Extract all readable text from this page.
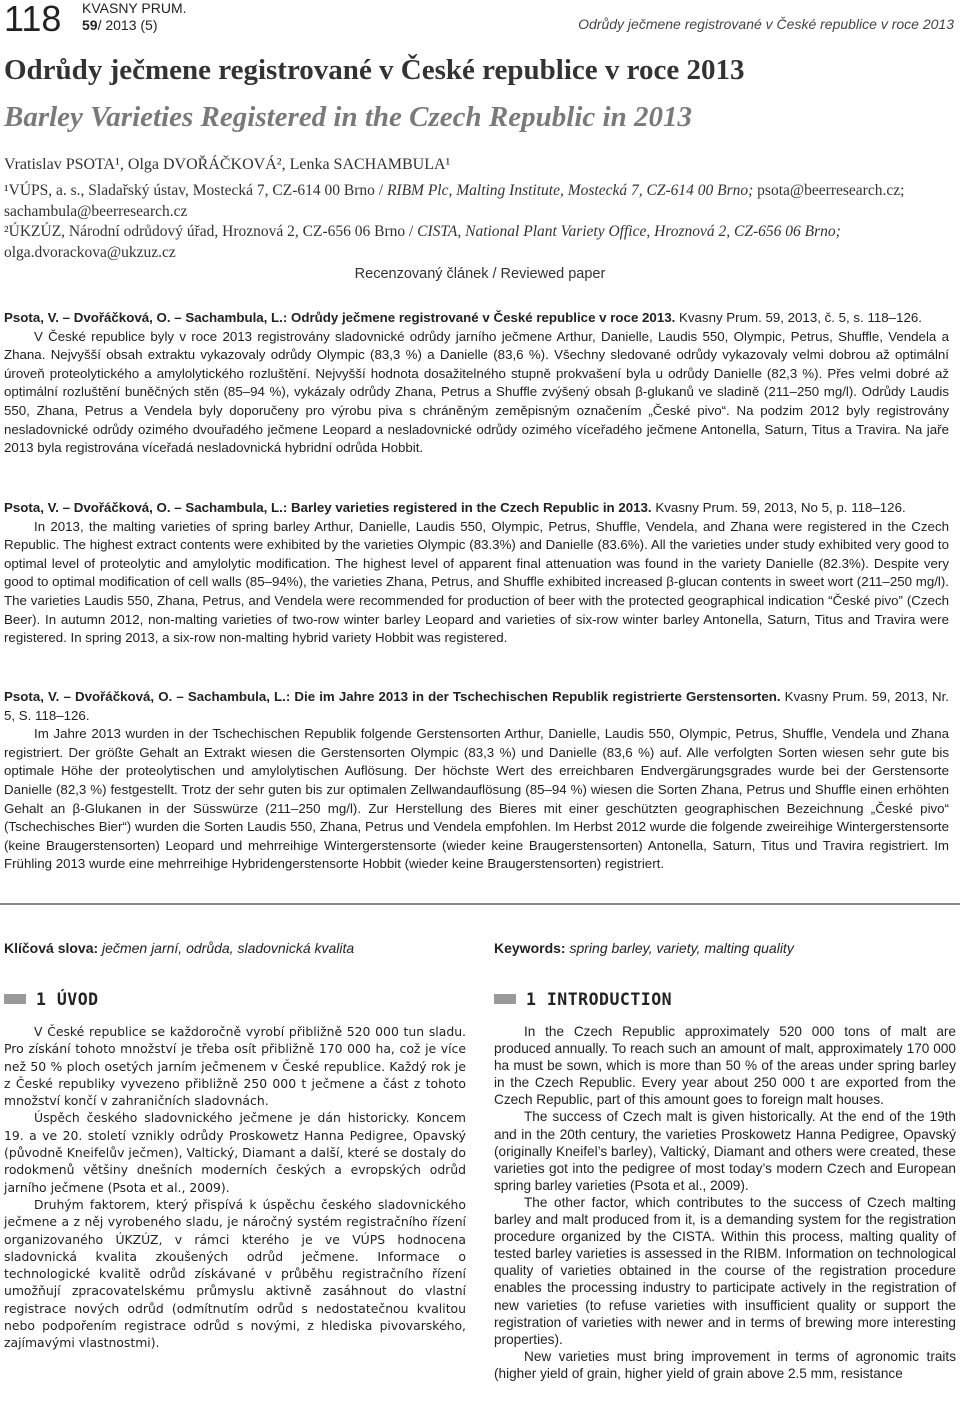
118 KVASNY PRUM.
59/ 2013 (5)	Odrůdy ječmene registrované v České republice v roce 2013
Odrůdy ječmene registrované v České republice v roce 2013
Barley Varieties Registered in the Czech Republic in 2013
Vratislav PSOTA¹, Olga DVOŘÁČKOVÁ², Lenka SACHAMBULA¹
¹VÚPS, a. s., Sladařský ústav, Mostecká 7, CZ-614 00 Brno / RIBM Plc, Malting Institute, Mostecká 7, CZ-614 00 Brno; psota@beerresearch.cz; sachambula@beerresearch.cz
²ÚKZÚZ, Národní odrůdový úřad, Hroznová 2, CZ-656 06 Brno / CISTA, National Plant Variety Office, Hroznová 2, CZ-656 06 Brno; olga.dvorackova@ukzuz.cz
Recenzovaný článek / Reviewed paper

Psota, V. – Dvořáčková, O. – Sachambula, L.: Odrůdy ječmene registrované v České republice v roce 2013. Kvasny Prum. 59, 2013, č. 5, s. 118–126.

V České republice byly v roce 2013 registrovány sladovnické odrůdy jarního ječmene Arthur, Danielle, Laudis 550, Olympic, Petrus, Shuffle, Vendela a Zhana. Nejvyšší obsah extraktu vykazovaly odrůdy Olympic (83,3 %) a Danielle (83,6 %). Všechny sledované odrůdy vykazovaly velmi dobrou až optimální úroveň proteolytického a amylolytického rozluštění. Nejvyšší hodnota dosažitelného stupně prokvašení byla u odrůdy Danielle (82,3 %). Přes velmi dobré až optimální rozluštění buněčných stěn (85–94 %), vykázaly odrůdy Zhana, Petrus a Shuffle zvýšený obsah β-glukanů ve sladině (211–250 mg/l). Odrůdy Laudis 550, Zhana, Petrus a Vendela byly doporučeny pro výrobu piva s chráněným zeměpisným označením „České pivo“. Na podzim 2012 byly registrovány nesladovnické odrůdy ozimého dvouřadého ječmene Leopard a nesladovnické odrůdy ozimého víceřadého ječmene Antonella, Saturn, Titus a Travira. Na jaře 2013 byla registrována víceřadá nesladovnická hybridní odrůda Hobbit.

Psota, V. – Dvořáčková, O. – Sachambula, L.: Barley varieties registered in the Czech Republic in 2013. Kvasny Prum. 59, 2013, No 5, p. 118–126.

In 2013, the malting varieties of spring barley Arthur, Danielle, Laudis 550, Olympic, Petrus, Shuffle, Vendela, and Zhana were registered in the Czech Republic. The highest extract contents were exhibited by the varieties Olympic (83.3%) and Danielle (83.6%). All the varieties under study exhibited very good to optimal level of proteolytic and amylolytic modification. The highest level of apparent final attenuation was found in the variety Danielle (82.3%). Despite very good to optimal modification of cell walls (85–94%), the varieties Zhana, Petrus, and Shuffle exhibited increased β-glucan contents in sweet wort (211–250 mg/l). The varieties Laudis 550, Zhana, Petrus, and Vendela were recommended for production of beer with the protected geographical indication “České pivo” (Czech Beer). In autumn 2012, non-malting varieties of two-row winter barley Leopard and varieties of six-row winter barley Antonella, Saturn, Titus and Travira were registered. In spring 2013, a six-row non-malting hybrid variety Hobbit was registered.

Psota, V. – Dvořáčková, O. – Sachambula, L.: Die im Jahre 2013 in der Tschechischen Republik registrierte Gerstensorten. Kvasny Prum. 59, 2013, Nr. 5, S. 118–126.

Im Jahre 2013 wurden in der Tschechischen Republik folgende Gerstensorten Arthur, Danielle, Laudis 550, Olympic, Petrus, Shuffle, Vendela und Zhana registriert. Der größte Gehalt an Extrakt wiesen die Gerstensorten Olympic (83,3 %) und Danielle (83,6 %) auf. Alle verfolgten Sorten wiesen sehr gute bis optimale Höhe der proteolytischen und amylolytischen Auflösung. Der höchste Wert des erreichbaren Endvergärungsgrades wurde bei der Gerstensorte Danielle (82,3 %) festgestellt. Trotz der sehr guten bis zur optimalen Zellwandauflösung (85–94 %) wiesen die Sorten Zhana, Petrus und Shuffle einen erhöhten Gehalt an β-Glukanen in der Süsswürze (211–250 mg/l). Zur Herstellung des Bieres mit einer geschützten geographischen Bezeichnung „České pivo“ (Tschechisches Bier“) wurden die Sorten Laudis 550, Zhana, Petrus und Vendela empfohlen. Im Herbst 2012 wurde die folgende zweireihige Wintergerstensorte (keine Braugerstensorten) Leopard und mehrreihige Wintergerstensorte (wieder keine Braugerstensorten) Antonella, Saturn, Titus und Travira registriert. Im Frühling 2013 wurde eine mehrreihige Hybridengerstensorte Hobbit (wieder keine Braugerstensorten) registriert.

Klíčová slova: ječmen jarní, odrůda, sladovnická kvalita	Keywords: spring barley, variety, malting quality
1 ÚVOD	1 INTRODUCTION

V České republice se každoročně vyrobí přibližně 520 000 tun sladu. Pro získání tohoto množství je třeba osít přibližně 170 000 ha, což je více než 50 % ploch osetých jarním ječmenem v České republice. Každý rok je z České republiky vyvezeno přibližně 250 000 t ječmene a část z tohoto množství končí v zahraničních sladovnách.

Úspěch českého sladovnického ječmene je dán historicky. Koncem 19. a ve 20. století vznikly odrůdy Proskowetz Hanna Pedigree, Opavský (původně Kneifelův ječmen), Valtický, Diamant a další, které se dostaly do rodokmenů většiny dnešních moderních českých a evropských odrůd jarního ječmene (Psota et al., 2009).

Druhým faktorem, který přispívá k úspěchu českého sladovnického ječmene a z něj vyrobeného sladu, je náročný systém registračního řízení organizovaného ÚKZÚZ, v rámci kterého je ve VÚPS hodnocena sladovnická kvalita zkoušených odrůd ječmene. Informace o technologické kvalitě odrůd získávané v průběhu registračního řízení umožňují zpracovatelskému průmyslu aktivně zasáhnout do vlastní registrace nových odrůd (odmítnutím odrůd s nedostatečnou kvalitou nebo podpořením registrace odrůd s novými, z hlediska pivovarského, zajímavými vlastnostmi).

In the Czech Republic approximately 520 000 tons of malt are produced annually. To reach such an amount of malt, approximately 170 000 ha must be sown, which is more than 50 % of the areas under spring barley in the Czech Republic. Every year about 250 000 t are exported from the Czech Republic, part of this amount goes to foreign malt houses.

The success of Czech malt is given historically. At the end of the 19th and in the 20th century, the varieties Proskowetz Hanna Pedigree, Opavský (originally Kneifel’s barley), Valtický, Diamant and others were created, these varieties got into the pedigree of most today’s modern Czech and European spring barley varieties (Psota et al., 2009).

The other factor, which contributes to the success of Czech malting barley and malt produced from it, is a demanding system for the registration procedure organized by the CISTA. Within this process, malting quality of tested barley varieties is assessed in the RIBM. Information on technological quality of varieties obtained in the course of the registration procedure enables the processing industry to participate actively in the registration of new varieties (to refuse varieties with insufficient quality or support the registration of varieties with newer and in terms of brewing more interesting properties).

New varieties must bring improvement in terms of agronomic traits (higher yield of grain, higher yield of grain above 2.5 mm, resistance
